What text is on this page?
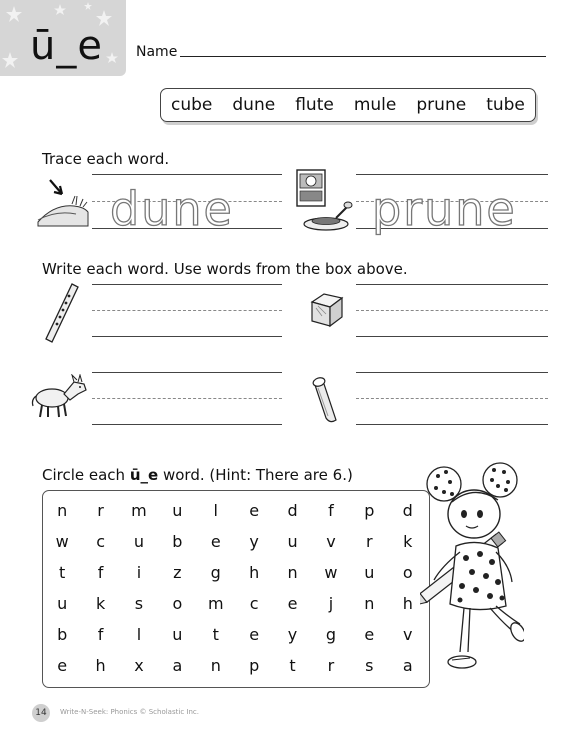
ū_e Name
cube dune flute mule prune tube
Trace each word.
dune	prune
Write each word. Use words from the box above.
Circle each ū_e word. (Hint: There are 6.)
n	r	m	u	l	e	d	f	p	d
w	c	u	b	e	y	u	v	r	k
t	f	i	z	g	h	n	w	u	o
u	k	s	o	m	c	e	j	n	h
b	f	l	u	t	e	y	g	e	v
e	h	x	a	n	p	t	r	s	a
14	Write-N-Seek: Phonics © Scholastic Inc.
